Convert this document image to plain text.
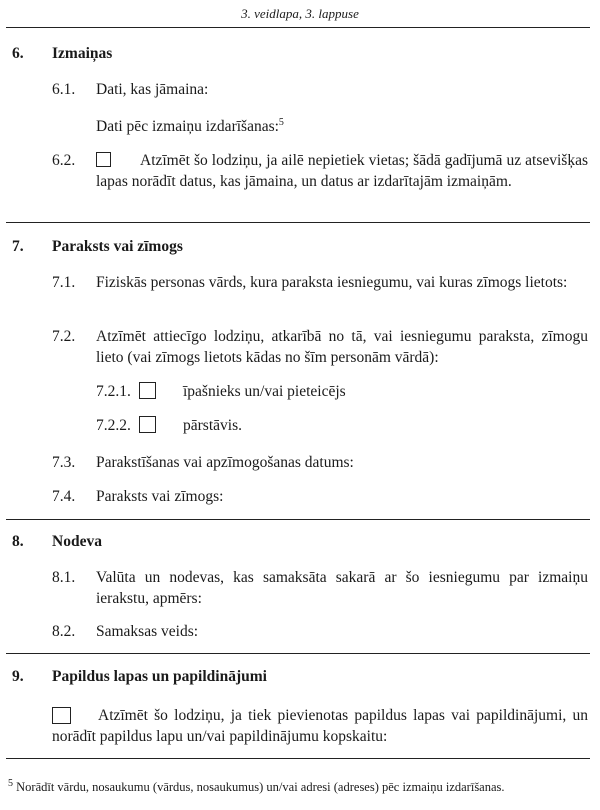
3. veidlapa, 3. lappuse
6. Izmaiņas
6.1. Dati, kas jāmaina:
Dati pēc izmaiņu izdarīšanas:$^5$
6.2.	Atzīmēt šo lodziņu, ja ailē nepietiek vietas; šādā gadījumā uz atsevišķas lapas norādīt datus, kas jāmaina, un datus ar izdarītajām izmaiņām.
7. Paraksts vai zīmogs
7.1. Fiziskās personas vārds, kura paraksta iesniegumu, vai kuras zīmogs lietots:
7.2. Atzīmēt attiecīgo lodziņu, atkarībā no tā, vai iesniegumu paraksta, zīmogu lieto (vai zīmogs lietots kādas no šīm personām vārdā):
7.2.1.	īpašnieks un/vai pieteicējs
7.2.2.	pārstāvis.
7.3. Parakstīšanas vai apzīmogošanas datums:
7.4. Paraksts vai zīmogs:
8. Nodeva
8.1. Valūta un nodevas, kas samaksāta sakarā ar šo iesniegumu par izmaiņu ierakstu, apmērs:
8.2. Samaksas veids:
9. Papildus lapas un papildinājumi
Atzīmēt šo lodziņu, ja tiek pievienotas papildus lapas vai papildinājumi, un norādīt papildus lapu un/vai papildinājumu kopskaitu:
$^5$ Norādīt vārdu, nosaukumu (vārdus, nosaukumus) un/vai adresi (adreses) pēc izmaiņu izdarīšanas.
